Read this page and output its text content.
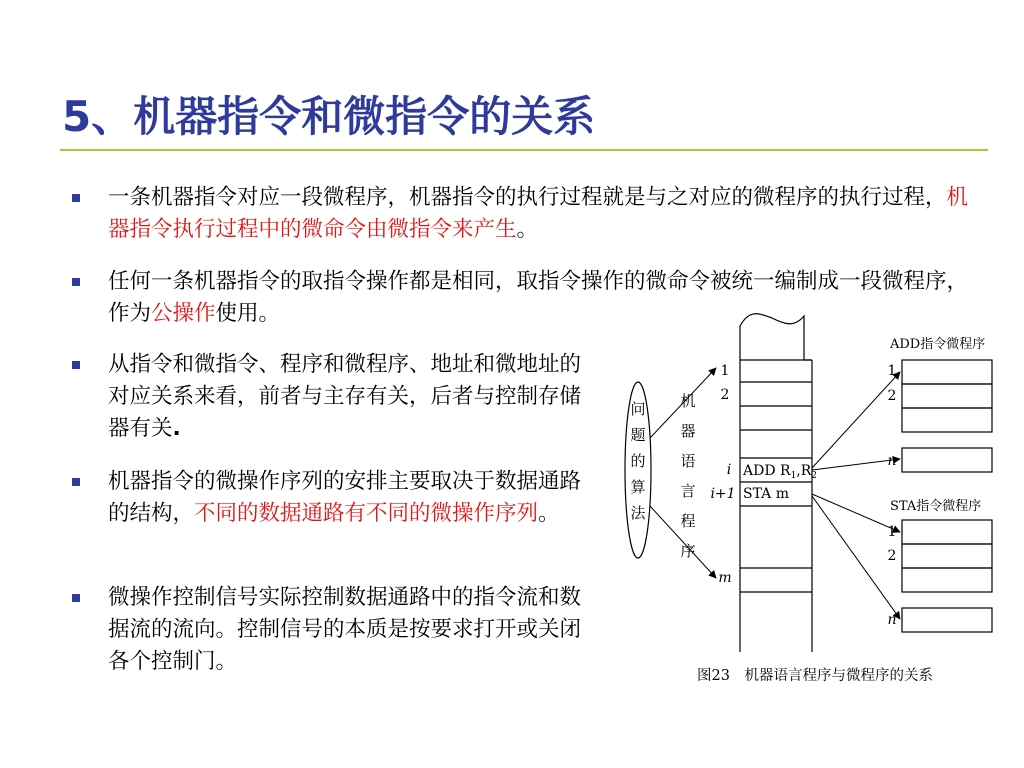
5、机器指令和微指令的关系
一条机器指令对应一段微程序，机器指令的执行过程就是与之对应的微程序的执行过程，机器指令执行过程中的微命令由微指令来产生。
任何一条机器指令的取指令操作都是相同，取指令操作的微命令被统一编制成一段微程序，作为公操作使用。
从指令和微指令、程序和微程序、地址和微地址的对应关系来看，前者与主存有关，后者与控制存储器有关.
机器指令的微操作序列的安排主要取决于数据通路的结构，不同的数据通路有不同的微操作序列。
微操作控制信号实际控制数据通路中的指令流和数据流的流向。控制信号的本质是按要求打开或关闭各个控制门。
问题的算法
机器语言程序
1
2
i
i+1
m
ADD $R_1,R_2$
STA m
ADD指令微程序
1
2
n
STA指令微程序
1
2
n
图23　机器语言程序与微程序的关系
